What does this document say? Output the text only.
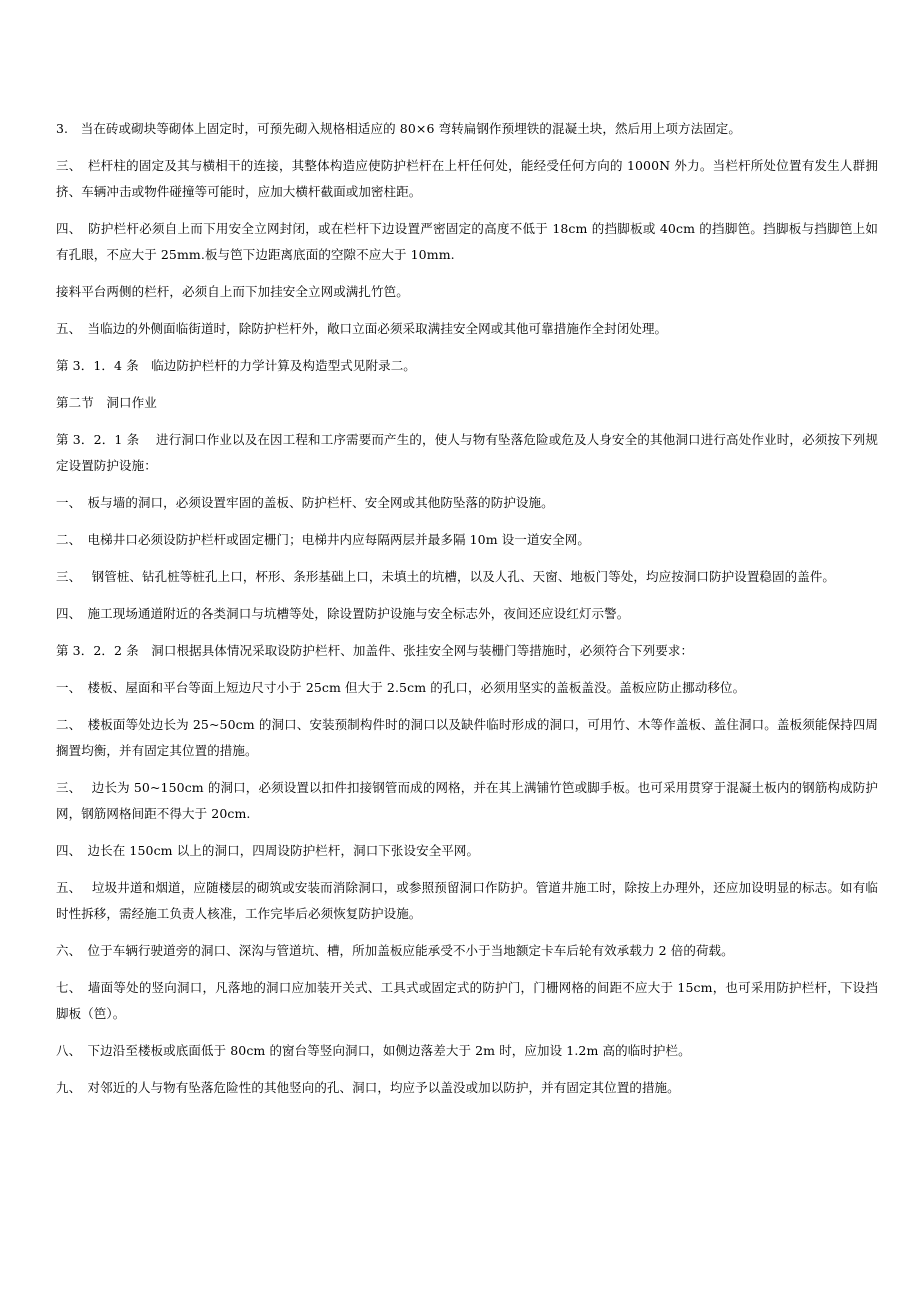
3.　当在砖或砌块等砌体上固定时，可预先砌入规格相适应的 80×6 弯转扁钢作预埋铁的混凝土块，然后用上项方法固定。

三、　栏杆柱的固定及其与横相干的连接，其整体构造应使防护栏杆在上杆任何处，能经受任何方向的 1000N 外力。当栏杆所处位置有发生人群拥挤、车辆冲击或物件碰撞等可能时，应加大横杆截面或加密柱距。

四、　防护栏杆必须自上而下用安全立网封闭，或在栏杆下边设置严密固定的高度不低于 18cm 的挡脚板或 40cm 的挡脚笆。挡脚板与挡脚笆上如有孔眼，不应大于 25mm.板与笆下边距离底面的空隙不应大于 10mm.

接料平台两侧的栏杆，必须自上而下加挂安全立网或满扎竹笆。

五、　当临边的外侧面临街道时，除防护栏杆外，敞口立面必须采取满挂安全网或其他可靠措施作全封闭处理。

第 3．1．4 条　临边防护栏杆的力学计算及构造型式见附录二。

第二节　洞口作业

第 3．2．1 条　 进行洞口作业以及在因工程和工序需要而产生的，使人与物有坠落危险或危及人身安全的其他洞口进行高处作业时，必须按下列规定设置防护设施：

一、　板与墙的洞口，必须设置牢固的盖板、防护栏杆、安全网或其他防坠落的防护设施。

二、　电梯井口必须设防护栏杆或固定栅门；电梯井内应每隔两层并最多隔 10m 设一道安全网。

三、　 钢管桩、钻孔桩等桩孔上口，杯形、条形基础上口，未填土的坑槽，以及人孔、天窗、地板门等处，均应按洞口防护设置稳固的盖件。

四、　施工现场通道附近的各类洞口与坑槽等处，除设置防护设施与安全标志外，夜间还应设红灯示警。

第 3．2．2 条　洞口根据具体情况采取设防护栏杆、加盖件、张挂安全网与装栅门等措施时，必须符合下列要求：

一、　楼板、屋面和平台等面上短边尺寸小于 25cm 但大于 2.5cm 的孔口，必须用坚实的盖板盖没。盖板应防止挪动移位。

二、　楼板面等处边长为 25~50cm 的洞口、安装预制构件时的洞口以及缺件临时形成的洞口，可用竹、木等作盖板、盖住洞口。盖板须能保持四周搁置均衡，并有固定其位置的措施。

三、　 边长为 50~150cm 的洞口，必须设置以扣件扣接钢管而成的网格，并在其上满铺竹笆或脚手板。也可采用贯穿于混凝土板内的钢筋构成防护网，钢筋网格间距不得大于 20cm.

四、　边长在 150cm 以上的洞口，四周设防护栏杆，洞口下张设安全平网。

五、　 垃圾井道和烟道，应随楼层的砌筑或安装而消除洞口，或参照预留洞口作防护。管道井施工时，除按上办理外，还应加设明显的标志。如有临时性拆移，需经施工负责人核准，工作完毕后必须恢复防护设施。

六、　位于车辆行驶道旁的洞口、深沟与管道坑、槽，所加盖板应能承受不小于当地额定卡车后轮有效承载力 2 倍的荷载。

七、　墙面等处的竖向洞口，凡落地的洞口应加装开关式、工具式或固定式的防护门，门栅网格的间距不应大于 15cm，也可采用防护栏杆，下设挡脚板（笆）。

八、　下边沿至楼板或底面低于 80cm 的窗台等竖向洞口，如侧边落差大于 2m 时，应加设 1.2m 高的临时护栏。

九、　对邻近的人与物有坠落危险性的其他竖向的孔、洞口，均应予以盖没或加以防护，并有固定其位置的措施。
